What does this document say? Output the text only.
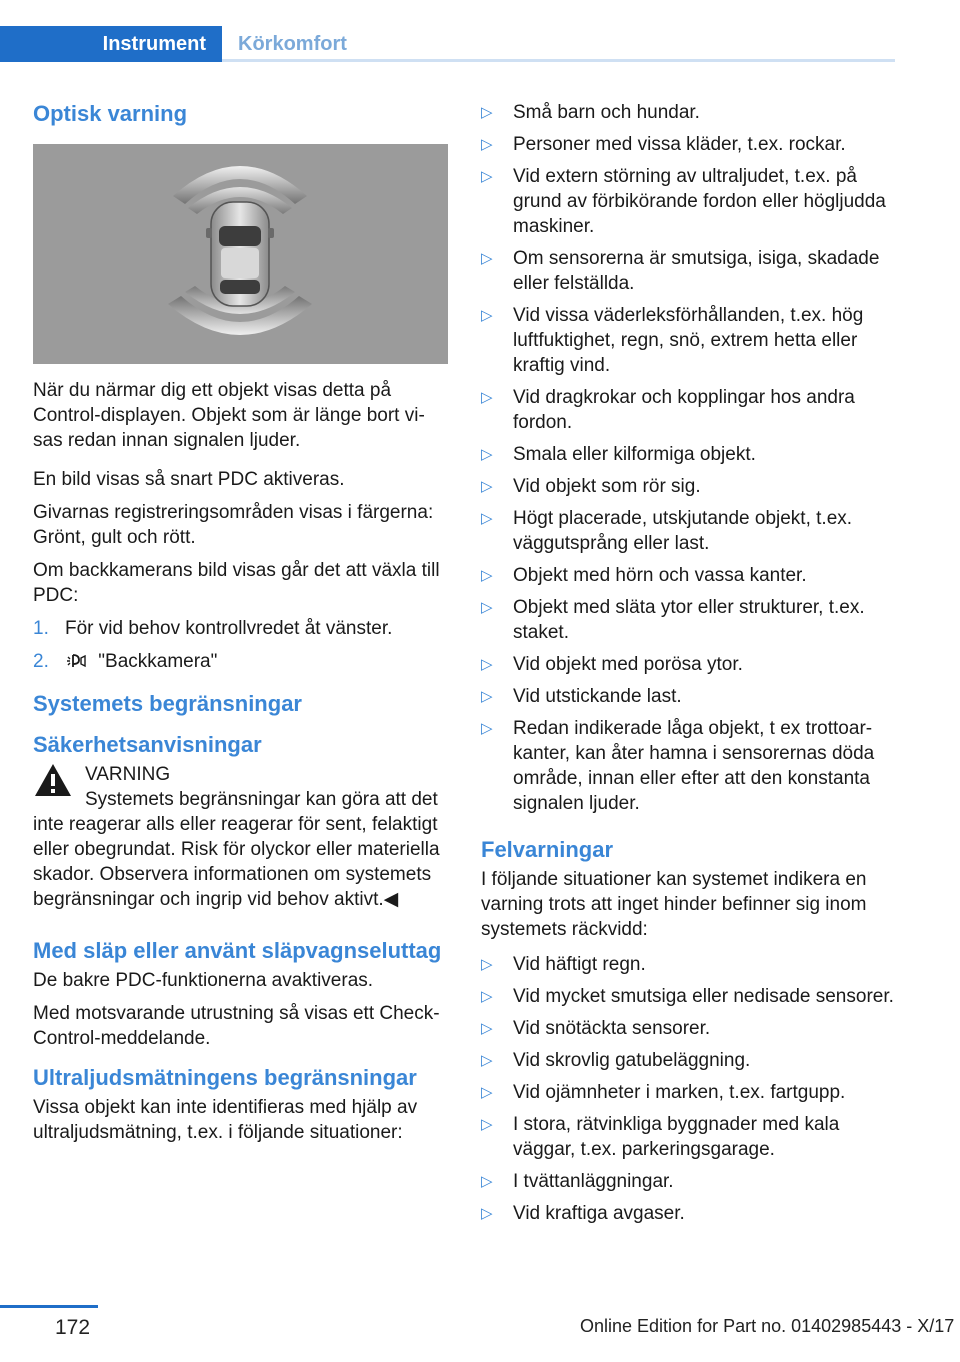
Instrument	Körkomfort
Optisk varning

När du närmar dig ett objekt visas detta på Control-displayen. Objekt som är länge bort visas redan innan signalen ljuder.

En bild visas så snart PDC aktiveras.

Givarnas registreringsområden visas i färgerna: Grönt, gult och rött.

Om backkamerans bild visas går det att växla till PDC:

1. För vid behov kontrollvredet åt vänster.
2.	"Backkamera"
Systemets begränsningar
Säkerhetsanvisningar
VARNING

Systemets begränsningar kan göra att det inte reagerar alls eller reagerar för sent, felaktigt eller obegrundat. Risk för olyckor eller materiella skador. Observera informationen om systemets begränsningar och ingrip vid behov aktivt.◀

Med släp eller använt släpvagnseluttag

De bakre PDC-funktionerna avaktiveras.

Med motsvarande utrustning så visas ett Check-Control-meddelande.

Ultraljudsmätningens begränsningar

Vissa objekt kan inte identifieras med hjälp av ultraljudsmätning, t.ex. i följande situationer:

▷ Små barn och hundar.
▷ Personer med vissa kläder, t.ex. rockar.
▷ Vid extern störning av ultraljudet, t.ex. på grund av förbikörande fordon eller högljudda maskiner.
▷ Om sensorerna är smutsiga, isiga, skadade eller felställda.
▷ Vid vissa väderleksförhållanden, t.ex. hög luftfuktighet, regn, snö, extrem hetta eller kraftig vind.
▷ Vid dragkrokar och kopplingar hos andra fordon.
▷ Smala eller kilformiga objekt.
▷ Vid objekt som rör sig.
▷ Högt placerade, utskjutande objekt, t.ex. väggutsprång eller last.
▷ Objekt med hörn och vassa kanter.
▷ Objekt med släta ytor eller strukturer, t.ex. staket.
▷ Vid objekt med porösa ytor.
▷ Vid utstickande last.
▷ Redan indikerade låga objekt, t ex trottoarkanter, kan åter hamna i sensorernas döda område, innan eller efter att den konstanta signalen ljuder.
Felvarningar

I följande situationer kan systemet indikera en varning trots att inget hinder befinner sig inom systemets räckvidd:

▷ Vid häftigt regn.
▷ Vid mycket smutsiga eller nedisade sensorer.
▷ Vid snötäckta sensorer.
▷ Vid skrovlig gatubeläggning.
▷ Vid ojämnheter i marken, t.ex. fartgupp.
▷ I stora, rätvinkliga byggnader med kala väggar, t.ex. parkeringsgarage.
▷ I tvättanläggningar.
▷ Vid kraftiga avgaser.
172	Online Edition for Part no. 01402985443 - X/17
